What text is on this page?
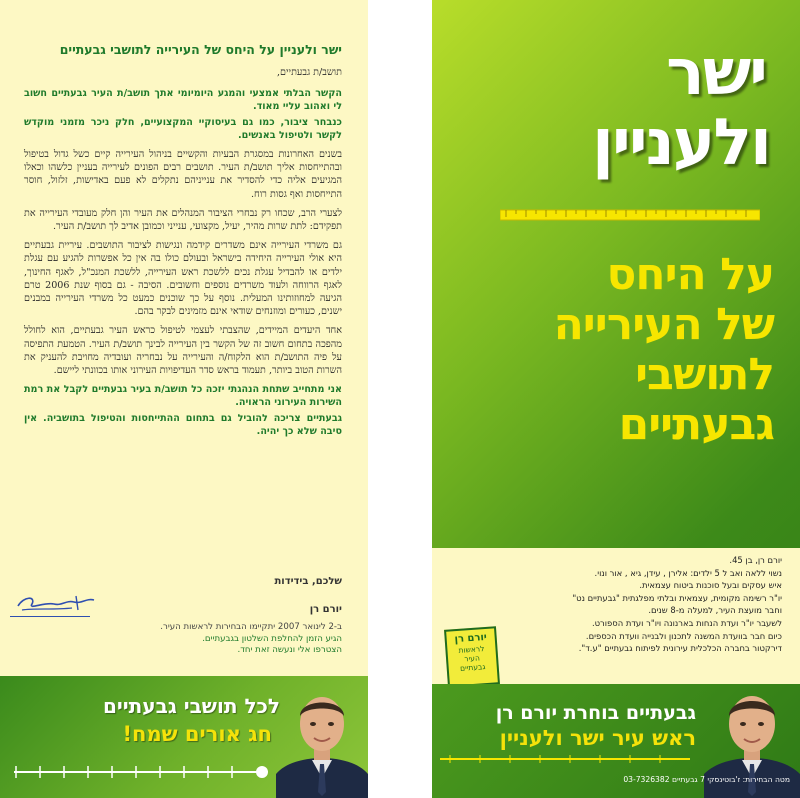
ישר ולעניין על היחס של העירייה לתושבי גבעתיים

תושב/ת גבעתיים,

הקשר הבלתי אמצעי והמגע היומיומי אתך תושב/ת העיר גבעתיים חשוב לי ואהוב עליי מאוד.

כנבחר ציבור, כמו גם בעיסוקיי המקצועיים, חלק ניכר מזמני מוקדש לקשר ולטיפול באנשים.

בשנים האחרונות במסגרת הבעיות והקשיים בניהול העירייה קיים כשל גדול בטיפול ובהתייחסות אליך תושב/ת העיר. תושבים רבים הפונים לעירייה בעניין כלשהו וכאלו המגיעים אליה כדי להסדיר את ענייניהם נתקלים לא פעם באדישות, זלזול, חוסר התייחסות ואף גסות רוח.

לצערי הרב, שכחו רק נבחרי הציבור המנהלים את העיר והן חלק מעובדי העירייה את תפקידם: לתת שרות מהיר, יעיל, מקצועי, ענייני וכמובן אדיב לך תושב/ת העיר.

גם משרדי העירייה אינם משדרים קידמה ונגישות לציבור התושבים. עיריית גבעתיים היא אולי העירייה היחידה בישראל ובעולם כולו בה אין כל אפשרות להגיע עם עגלת ילדים או להבדיל עגלת נכים ללשכת ראש העירייה, ללשכת המנכ"ל, לאגף החינוך, לאגף הרווחה ולעוד משרדים נוספים וחשובים. הסיבה - גם בסוף שנת 2006 טרם הגיעה למחוזותינו המעלית. נוסף על כך שוכנים כמעט כל משרדי העירייה במבנים ישנים, כעורים ומוזנחים שודאי אינם מזמינים לבקר בהם.

אחד היעדים המיידים, שהצבתי לעצמי לטיפול כראש העיר גבעתיים, הוא לחולל מהפכה בתחום חשוב זה של הקשר בין העירייה לבינך תושב/ת העיר. הטמעת התפיסה על פיה התושב/ת הוא הלקוח/ה והעירייה על נבחריה ועובדיה מחויבת להעניק את השרות הטוב ביותר, תעמוד בראש סדר העדיפויות העירוני אותו בכוונתי ליישם.

אני מתחייב שתחת הנהגתי יזכה כל תושב/ת בעיר גבעתיים לקבל את רמת השירות העירוני הראויה.

גבעתיים צריכה להוביל גם בתחום ההתייחסות והטיפול בתושביה. אין סיבה שלא כך יהיה.

שלכם, בידידות
יורם רן
ב-2 לינואר 2007 יתקיימו הבחירות לראשות העיר.
הגיע הזמן להחלפת השלטון בגבעתיים.
הצטרפו אלי ונעשה זאת יחד.
לכל תושבי גבעתיים
חג אורים שמח!
ישר
ולעניין
על היחס
של העירייה
לתושבי
גבעתיים
יורם רן, בן 45.
נשוי ללאה ואב ל 5 ילדים: אלירן , עידן, גיא , אור ונוי.
איש עסקים ובעל סוכנות ביטוח עצמאית.
יו"ר רשימה מקומית, עצמאית ובלתי מפלגתית "גבעתיים נט"
וחבר מועצת העיר, למעלה מ-8 שנים.
לשעבר יו"ר ועדת הנחות בארנונה ויו"ר ועדת הספורט.
כיום חבר בוועדת המשנה לתכנון ולבנייה וועדת הכספים.
דירקטור בחברה הכלכלית עירונית לפיתוח גבעתיים "ע.ד".
יורם רן
לראשות
העיר
גבעתיים
גבעתיים בוחרת יורם רן
ראש עיר ישר ולעניין
מטה הבחירות: ז'בוטינסקי 7 גבעתיים 03-7326382
